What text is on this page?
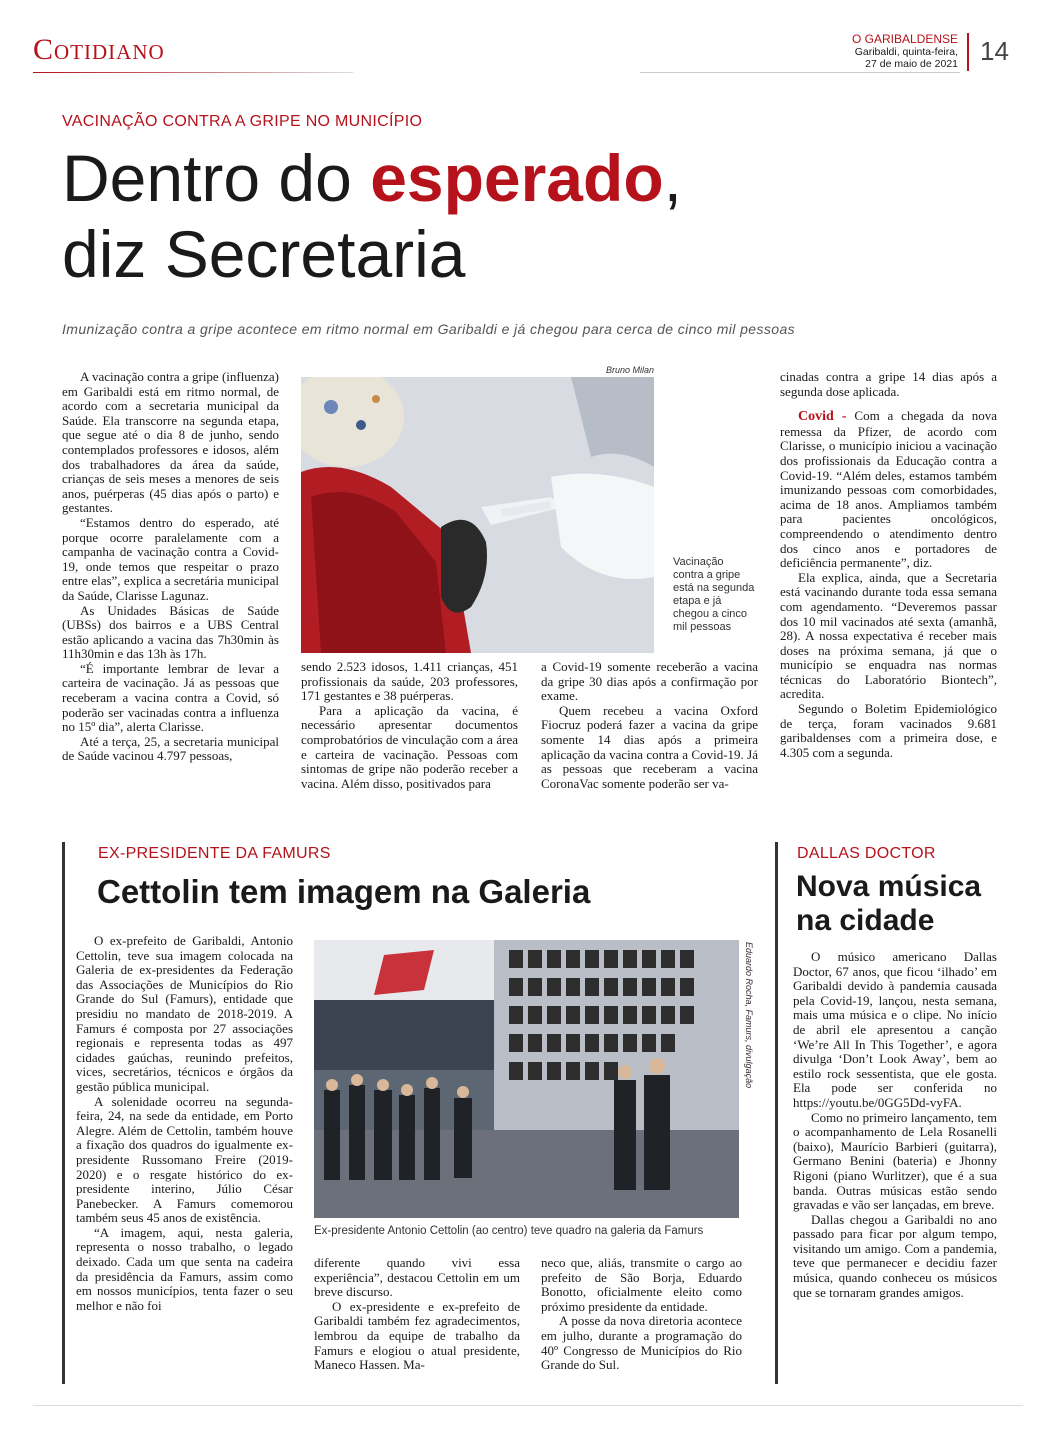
Cotidiano	O GARIBALDENSE
Garibaldi, quinta-feira,
27 de maio de 2021 14
VACINAÇÃO CONTRA A GRIPE NO MUNICÍPIO
Dentro do esperado,
diz Secretaria
Imunização contra a gripe acontece em ritmo normal em Garibaldi e já chegou para cerca de cinco mil pessoas

A vacinação contra a gripe (influenza) em Garibaldi está em ritmo normal, de acordo com a secretaria municipal da Saúde. Ela transcorre na segunda etapa, que segue até o dia 8 de junho, sendo contemplados professores e idosos, além dos trabalhadores da área da saúde, crianças de seis meses a menores de seis anos, puérperas (45 dias após o parto) e gestantes.

“Estamos dentro do esperado, até porque ocorre paralelamente com a campanha de vacinação contra a Covid-19, onde temos que respeitar o prazo entre elas”, explica a secretária municipal da Saúde, Clarisse Lagunaz.

As Unidades Básicas de Saúde (UBSs) dos bairros e a UBS Central estão aplicando a vacina das 7h30min às 11h30min e das 13h às 17h.

“É importante lembrar de levar a carteira de vacinação. Já as pessoas que receberam a vacina contra a Covid, só poderão ser vacinadas contra a influenza no 15º dia”, alerta Clarisse.

Até a terça, 25, a secretaria municipal de Saúde vacinou 4.797 pessoas,

Bruno Milan
Vacinação contra a gripe está na segunda etapa e já chegou a cinco mil pessoas

sendo 2.523 idosos, 1.411 crianças, 451 profissionais da saúde, 203 professores, 171 gestantes e 38 puérperas.

Para a aplicação da vacina, é necessário apresentar documentos comprobatórios de vinculação com a área e carteira de vacinação. Pessoas com sintomas de gripe não poderão receber a vacina. Além disso, positivados para

a Covid-19 somente receberão a vacina da gripe 30 dias após a confirmação por exame.

Quem recebeu a vacina Oxford Fiocruz poderá fazer a vacina da gripe somente 14 dias após a primeira aplicação da vacina contra a Covid-19. Já as pessoas que receberam a vacina CoronaVac somente poderão ser va-

cinadas contra a gripe 14 dias após a segunda dose aplicada.

Covid - Com a chegada da nova remessa da Pfizer, de acordo com Clarisse, o município iniciou a vacinação dos profissionais da Educação contra a Covid-19. “Além deles, estamos também imunizando pessoas com comorbidades, acima de 18 anos. Ampliamos também para pacientes oncológicos, compreendendo o atendimento dentro dos cinco anos e portadores de deficiência permanente”, diz.

Ela explica, ainda, que a Secretaria está vacinando durante toda essa semana com agendamento. “Deveremos passar dos 10 mil vacinados até sexta (amanhã, 28). A nossa expectativa é receber mais doses na próxima semana, já que o município se enquadra nas normas técnicas do Laboratório Biontech”, acredita.

Segundo o Boletim Epidemiológico de terça, foram vacinados 9.681 garibaldenses com a primeira dose, e 4.305 com a segunda.

EX-PRESIDENTE DA FAMURS
Cettolin tem imagem na Galeria

O ex-prefeito de Garibaldi, Antonio Cettolin, teve sua imagem colocada na Galeria de ex-presidentes da Federação das Associações de Municípios do Rio Grande do Sul (Famurs), entidade que presidiu no mandato de 2018-2019. A Famurs é composta por 27 associações regionais e representa todas as 497 cidades gaúchas, reunindo prefeitos, vices, secretários, técnicos e órgãos da gestão pública municipal.

A solenidade ocorreu na segunda-feira, 24, na sede da entidade, em Porto Alegre. Além de Cettolin, também houve a fixação dos quadros do igualmente ex-presidente Russomano Freire (2019-2020) e o resgate histórico do ex-presidente interino, Júlio César Panebecker. A Famurs comemorou também seus 45 anos de existência.

“A imagem, aqui, nesta galeria, representa o nosso trabalho, o legado deixado. Cada um que senta na cadeira da presidência da Famurs, assim como em nossos municípios, tenta fazer o seu melhor e não foi

Eduardo Rocha, Famurs, divulgação
Ex-presidente Antonio Cettolin (ao centro) teve quadro na galeria da Famurs

diferente quando vivi essa experiência”, destacou Cettolin em um breve discurso.

O ex-presidente e ex-prefeito de Garibaldi também fez agradecimentos, lembrou da equipe de trabalho da Famurs e elogiou o atual presidente, Maneco Hassen. Ma-

neco que, aliás, transmite o cargo ao prefeito de São Borja, Eduardo Bonotto, oficialmente eleito como próximo presidente da entidade.

A posse da nova diretoria acontece em julho, durante a programação do 40º Congresso de Municípios do Rio Grande do Sul.

DALLAS DOCTOR
Nova música
na cidade

O músico americano Dallas Doctor, 67 anos, que ficou ‘ilhado’ em Garibaldi devido à pandemia causada pela Covid-19, lançou, nesta semana, mais uma música e o clipe. No início de abril ele apresentou a canção ‘We’re All In This Together’, e agora divulga ‘Don’t Look Away’, bem ao estilo rock sessentista, que ele gosta. Ela pode ser conferida no https://youtu.be/0GG5Dd-vyFA.

Como no primeiro lançamento, tem o acompanhamento de Lela Rosanelli (baixo), Maurício Barbieri (guitarra), Germano Benini (bateria) e Jhonny Rigoni (piano Wurlitzer), que é a sua banda. Outras músicas estão sendo gravadas e vão ser lançadas, em breve.

Dallas chegou a Garibaldi no ano passado para ficar por algum tempo, visitando um amigo. Com a pandemia, teve que permanecer e decidiu fazer música, quando conheceu os músicos que se tornaram grandes amigos.
